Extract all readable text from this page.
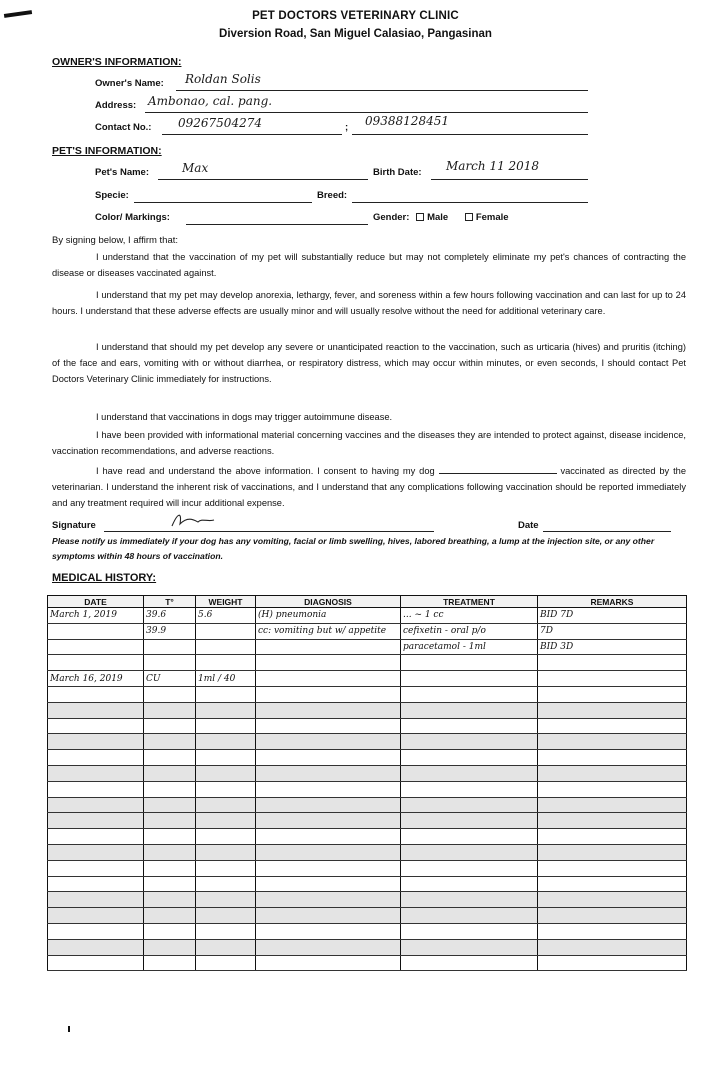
PET DOCTORS VETERINARY CLINIC
Diversion Road, San Miguel Calasiao, Pangasinan
OWNER'S INFORMATION:
Owner's Name: Roldan Solis
Address: Ambonao, cal. pang.
Contact No.: 09267504274	; 09388128451
PET'S INFORMATION:
Pet's Name:	Max	Birth Date: March 11 2018
Specie:	Breed:
Color/ Markings:	Gender: Male	Female
By signing below, I affirm that:
I understand that the vaccination of my pet will substantially reduce but may not completely eliminate my pet's chances of contracting the disease or diseases vaccinated against.
I understand that my pet may develop anorexia, lethargy, fever, and soreness within a few hours following vaccination and can last for up to 24 hours. I understand that these adverse effects are usually minor and will usually resolve without the need for additional veterinary care.
I understand that should my pet develop any severe or unanticipated reaction to the vaccination, such as urticaria (hives) and pruritis (itching) of the face and ears, vomiting with or without diarrhea, or respiratory distress, which may occur within minutes, or even seconds, I should contact Pet Doctors Veterinary Clinic immediately for instructions.
I understand that vaccinations in dogs may trigger autoimmune disease.
I have been provided with informational material concerning vaccines and the diseases they are intended to protect against, disease incidence, vaccination recommendations, and adverse reactions.
I have read and understand the above information. I consent to having my dog	vaccinated as directed by the veterinarian. I understand the inherent risk of vaccinations, and I understand that any complications following vaccination should be reported immediately and any treatment required will incur additional expense.
Signature	Date
Please notify us immediately if your dog has any vomiting, facial or limb swelling, hives, labored breathing, a lump at the injection site, or any other symptoms within 48 hours of vaccination.
MEDICAL HISTORY:
DATE	T°	WEIGHT	DIAGNOSIS	TREATMENT	REMARKS
March 1, 2019	39.6	5.6	(H) pneumonia	... ~ 1 cc	BID 7D
	39.9		cc: vomiting but w/ appetite	cefixetin - oral p/o	7D
				paracetamol - 1ml	BID 3D

March 16, 2019	CU	1ml / 40			
